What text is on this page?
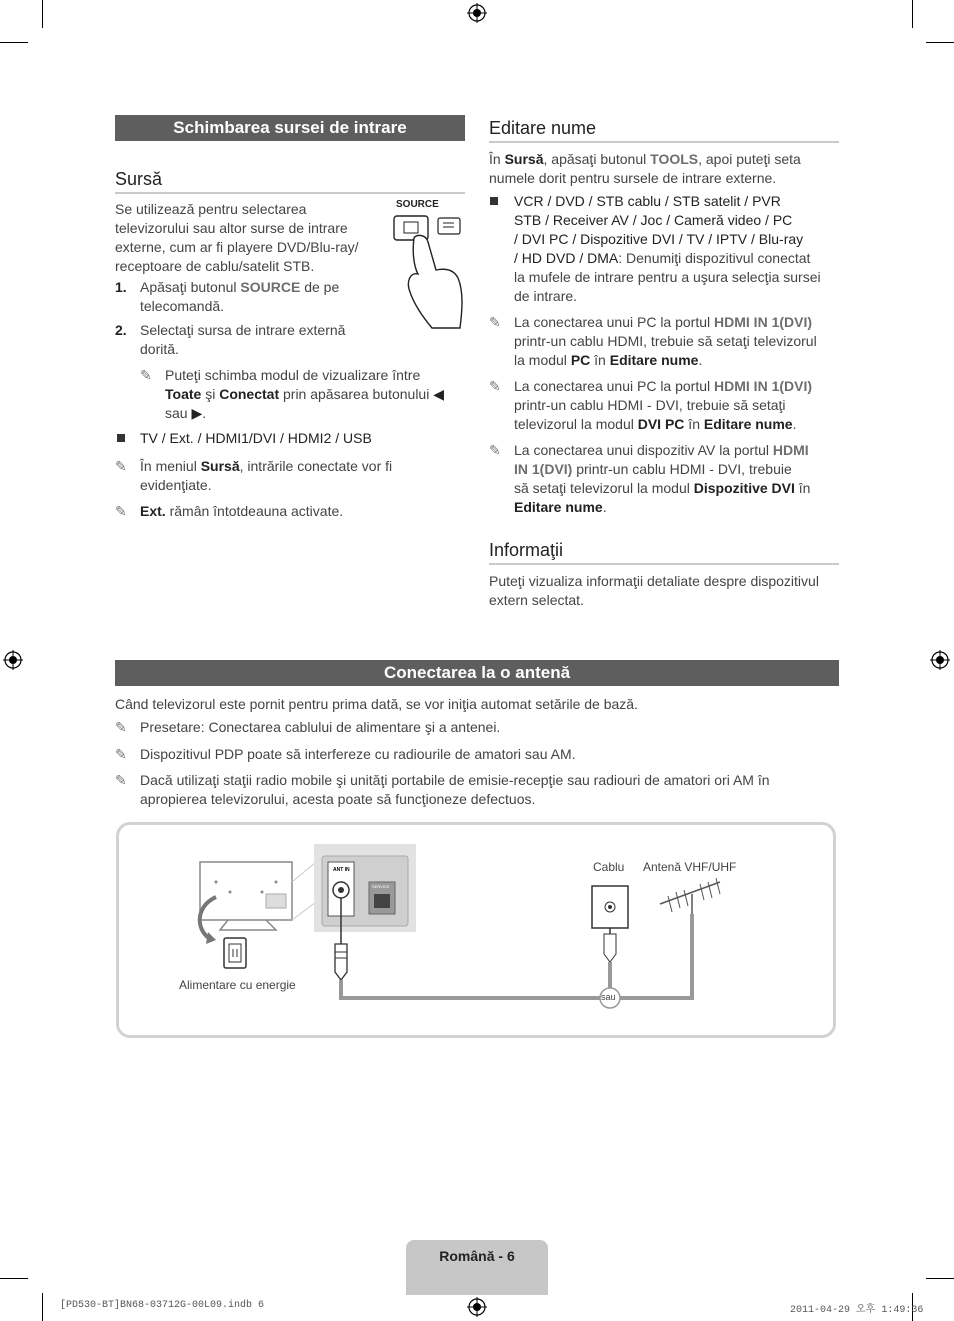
Schimbarea sursei de intrare
Sursă
SOURCE
Se utilizează pentru selectarea
televizorului sau altor surse de intrare
externe, cum ar fi playere DVD/Blu-ray/
receptoare de cablu/satelit STB.
1. Apăsaţi butonul SOURCE de pe
telecomandă.
2. Selectaţi sursa de intrare externă
dorită.
✎ Puteţi schimba modul de vizualizare între
Toate şi Conectat prin apăsarea butonului ◀
sau ▶.
TV / Ext. / HDMI1/DVI / HDMI2 / USB
✎ În meniul Sursă, intrările conectate vor fi
evidenţiate.
✎ Ext. rămân întotdeauna activate.
Editare nume
În Sursă, apăsaţi butonul TOOLS, apoi puteţi seta
numele dorit pentru sursele de intrare externe.
VCR / DVD / STB cablu / STB satelit / PVR
STB / Receiver AV / Joc / Cameră video / PC
/ DVI PC / Dispozitive DVI / TV / IPTV / Blu-ray
/ HD DVD / DMA: Denumiţi dispozitivul conectat
la mufele de intrare pentru a uşura selecţia sursei
de intrare.
✎ La conectarea unui PC la portul HDMI IN 1(DVI)
printr-un cablu HDMI, trebuie să setaţi televizorul
la modul PC în Editare nume.
✎ La conectarea unui PC la portul HDMI IN 1(DVI)
printr-un cablu HDMI - DVI, trebuie să setaţi
televizorul la modul DVI PC în Editare nume.
✎ La conectarea unui dispozitiv AV la portul HDMI
IN 1(DVI) printr-un cablu HDMI - DVI, trebuie
să setaţi televizorul la modul Dispozitive DVI în
Editare nume.
Informaţii
Puteţi vizualiza informaţii detaliate despre dispozitivul
extern selectat.
Conectarea la o antenă
Când televizorul este pornit pentru prima dată, se vor iniţia automat setările de bază.
✎ Presetare: Conectarea cablului de alimentare şi a antenei.
✎ Dispozitivul PDP poate să interfereze cu radiourile de amatori sau AM.
✎ Dacă utilizaţi staţii radio mobile şi unităţi portabile de emisie-recepţie sau radiouri de amatori ori AM în
apropierea televizorului, acesta poate să funcţioneze defectuos.
Alimentare cu energie
ANT IN
SERVICE
Cablu Antenă VHF/UHF
sau
Română - 6
[PD530-BT]BN68-03712G-00L09.indb 6	2011-04-29 오후 1:49:36
